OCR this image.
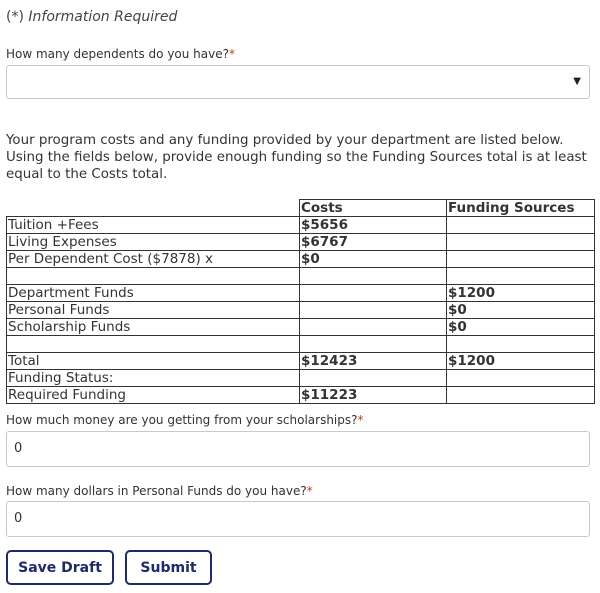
(*) Information Required
How many dependents do you have?*
▼
Your program costs and any funding provided by your department are listed below. Using the fields below, provide enough funding so the Funding Sources total is at least equal to the Costs total.
	Costs	Funding Sources
Tuition +Fees	$5656	
Living Expenses	$6767	
Per Dependent Cost ($7878) x	$0	

Department Funds		$1200
Personal Funds		$0
Scholarship Funds		$0

Total	$12423	$1200
Funding Status:		
Required Funding	$11223	
How much money are you getting from your scholarships?*
0
How many dollars in Personal Funds do you have?*
0
Save Draft	Submit
